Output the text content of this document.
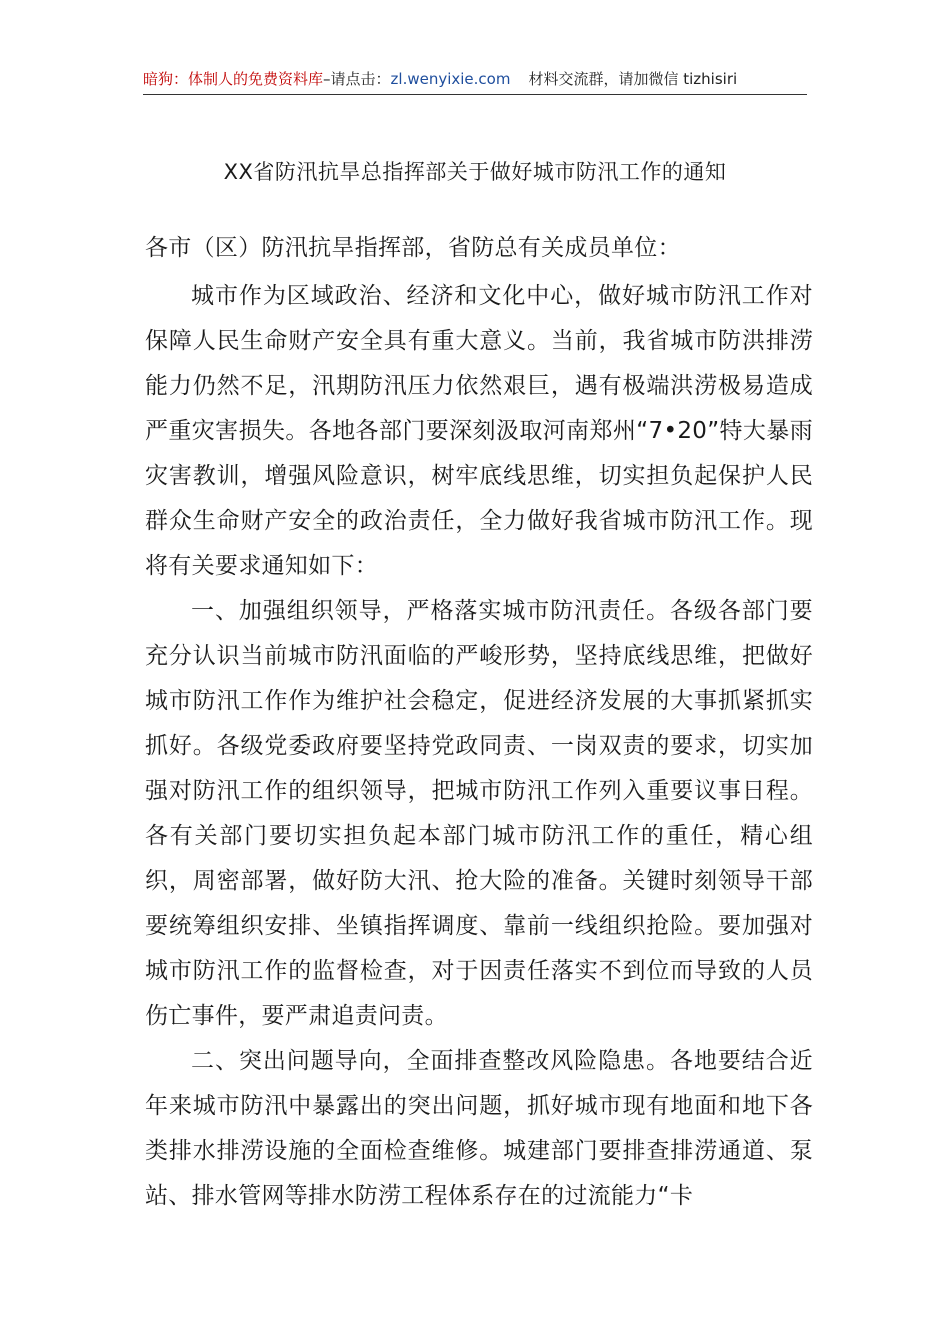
暗狗：体制人的免费资料库–请点击：zl.wenyixie.com 材料交流群，请加微信 tizhisiri
XX省防汛抗旱总指挥部关于做好城市防汛工作的通知

各市（区）防汛抗旱指挥部，省防总有关成员单位：

城市作为区域政治、经济和文化中心，做好城市防汛工作对保障人民生命财产安全具有重大意义。当前，我省城市防洪排涝能力仍然不足，汛期防汛压力依然艰巨，遇有极端洪涝极易造成严重灾害损失。各地各部门要深刻汲取河南郑州“7•20”特大暴雨灾害教训，增强风险意识，树牢底线思维，切实担负起保护人民群众生命财产安全的政治责任，全力做好我省城市防汛工作。现将有关要求通知如下：

一、加强组织领导，严格落实城市防汛责任。各级各部门要充分认识当前城市防汛面临的严峻形势，坚持底线思维，把做好城市防汛工作作为维护社会稳定，促进经济发展的大事抓紧抓实抓好。各级党委政府要坚持党政同责、一岗双责的要求，切实加强对防汛工作的组织领导，把城市防汛工作列入重要议事日程。各有关部门要切实担负起本部门城市防汛工作的重任，精心组织，周密部署，做好防大汛、抢大险的准备。关键时刻领导干部要统筹组织安排、坐镇指挥调度、靠前一线组织抢险。要加强对城市防汛工作的监督检查，对于因责任落实不到位而导致的人员伤亡事件，要严肃追责问责。

二、突出问题导向，全面排查整改风险隐患。各地要结合近年来城市防汛中暴露出的突出问题，抓好城市现有地面和地下各类排水排涝设施的全面检查维修。城建部门要排查排涝通道、泵站、排水管网等排水防涝工程体系存在的过流能力“卡
